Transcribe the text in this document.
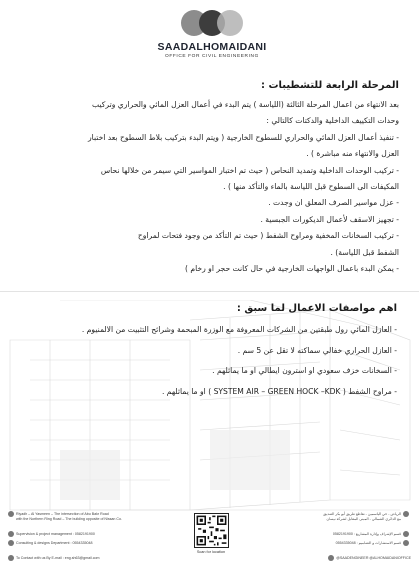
SAADALHOMAIDANI
OFFICE FOR CIVIL ENGINEERING
المرحلة الرابعة للتشطيبات :
بعد الانتهاء من اعمال المرحلة الثالثة (اللياسة ) يتم البدء في أعمال العزل المائي والحراري وتركيب
وحدات التكييف الداخلية والدكتات كالتالي :
- تنفيذ أعمال العزل المائي والحراري للسطوح الخارجية ( ويتم البدء بتركيب بلاط السطوح بعد اختبار
العزل والانتهاء منه مباشرة ) .
- تركيب الوحدات الداخلية وتمديد النحاس ( حيث تم اختبار المواسير التي سيمر من خلالها نحاس
المكيفات الى السطوح قبل اللياسة بالماء والتأكد منها ) .
- عزل مواسير الصرف المعلق ان وجدت .
- تجهيز الاسقف لأعمال الديكورات الجبسية .
- تركيب السخانات المخفية ومراوح الشفط ( حيث تم التأكد من وجود فتحات لمراوح
الشفط قبل اللياسة) .
- يمكن البدء باعمال الواجهات الخارجية في حال كانت حجر او رخام )
اهم مواصفات الاعمال لما سبق :
- العازل المائي رول طبقتين من الشركات المعروفة مع الوزرة المبحمة وشرائح التثبيت من الالمنيوم .
- العازل الحراري خفالي سماكته لا تقل عن 5 سم .
- السخانات خزف سعودي او استرون ايطالي او ما يماثلهم .
- مراوح الشفط ( SYSTEM AIR – GREEN HOCK –KDK ) او ما يماثلهم .
Riyadh – Al Yasmeen – The intersection of Abu Bakr Road
with the Northern Ring Road – The building opposite of Nissan Co.
Supervision & project management : 0582191900
Consulting & designs Department : 0554335048
To Contact with us By E-mail : eng.sh63@gmail.com
Scan for location
الرياض - حي الياسمين - تقاطع طريق أبو بكر الصديق
مع الدائري الشمالي - المبنى المقابل لشركة نيسان
قسم الإشراف وإدارة المشاريع : 0582191900
قسم الاستشارات و التصاميم : 0554335048
@SAADENGINEER @ALHOMAIDANIOFFICE
